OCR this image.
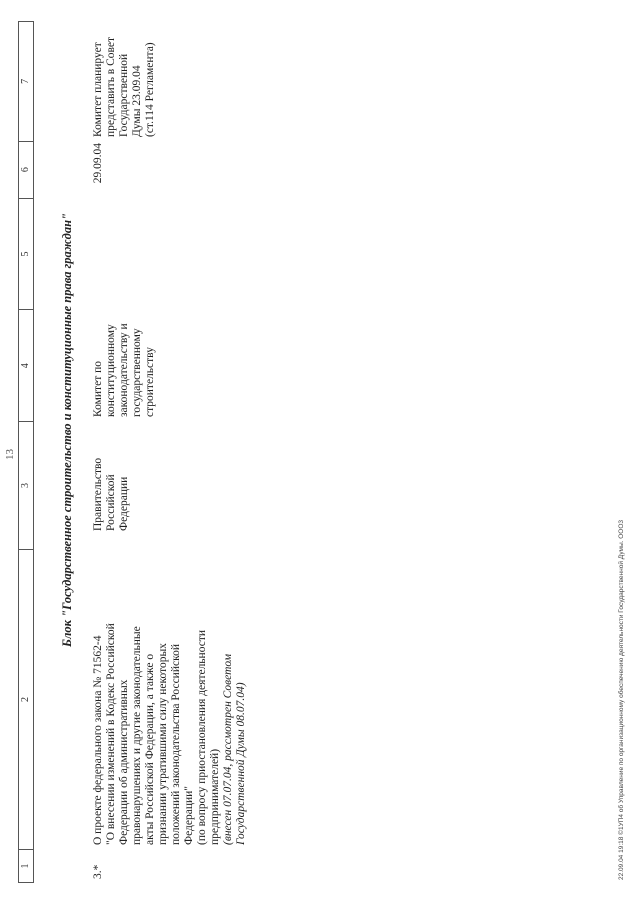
13
1
2
3
4
5
6
7
Блок "Государственное строительство и конституционные права граждан"
3.*
О проекте федерального закона № 71562-4 "О внесении изменений в Кодекс Российской Федерации об административных правонарушениях и другие законодательные акты Российской Федерации, а также о признании утратившими силу некоторых положений законодательства Российской Федерации" (по вопросу приостановления деятельности предпринимателей) (внесен 07.07.04, рассмотрен Советом Государственной Думы 08.07.04)
Правительство Российской Федерации
Комитет по конституционному законодательству и государственному строительству
29.09.04
Комитет планирует представить в Совет Государственной Думы 23.09.04 (ст.114 Регламента)
22.09.04 19:18 ©1УП4 об Управление по организационному обеспечению деятельности Государственной Думы. ООО3
